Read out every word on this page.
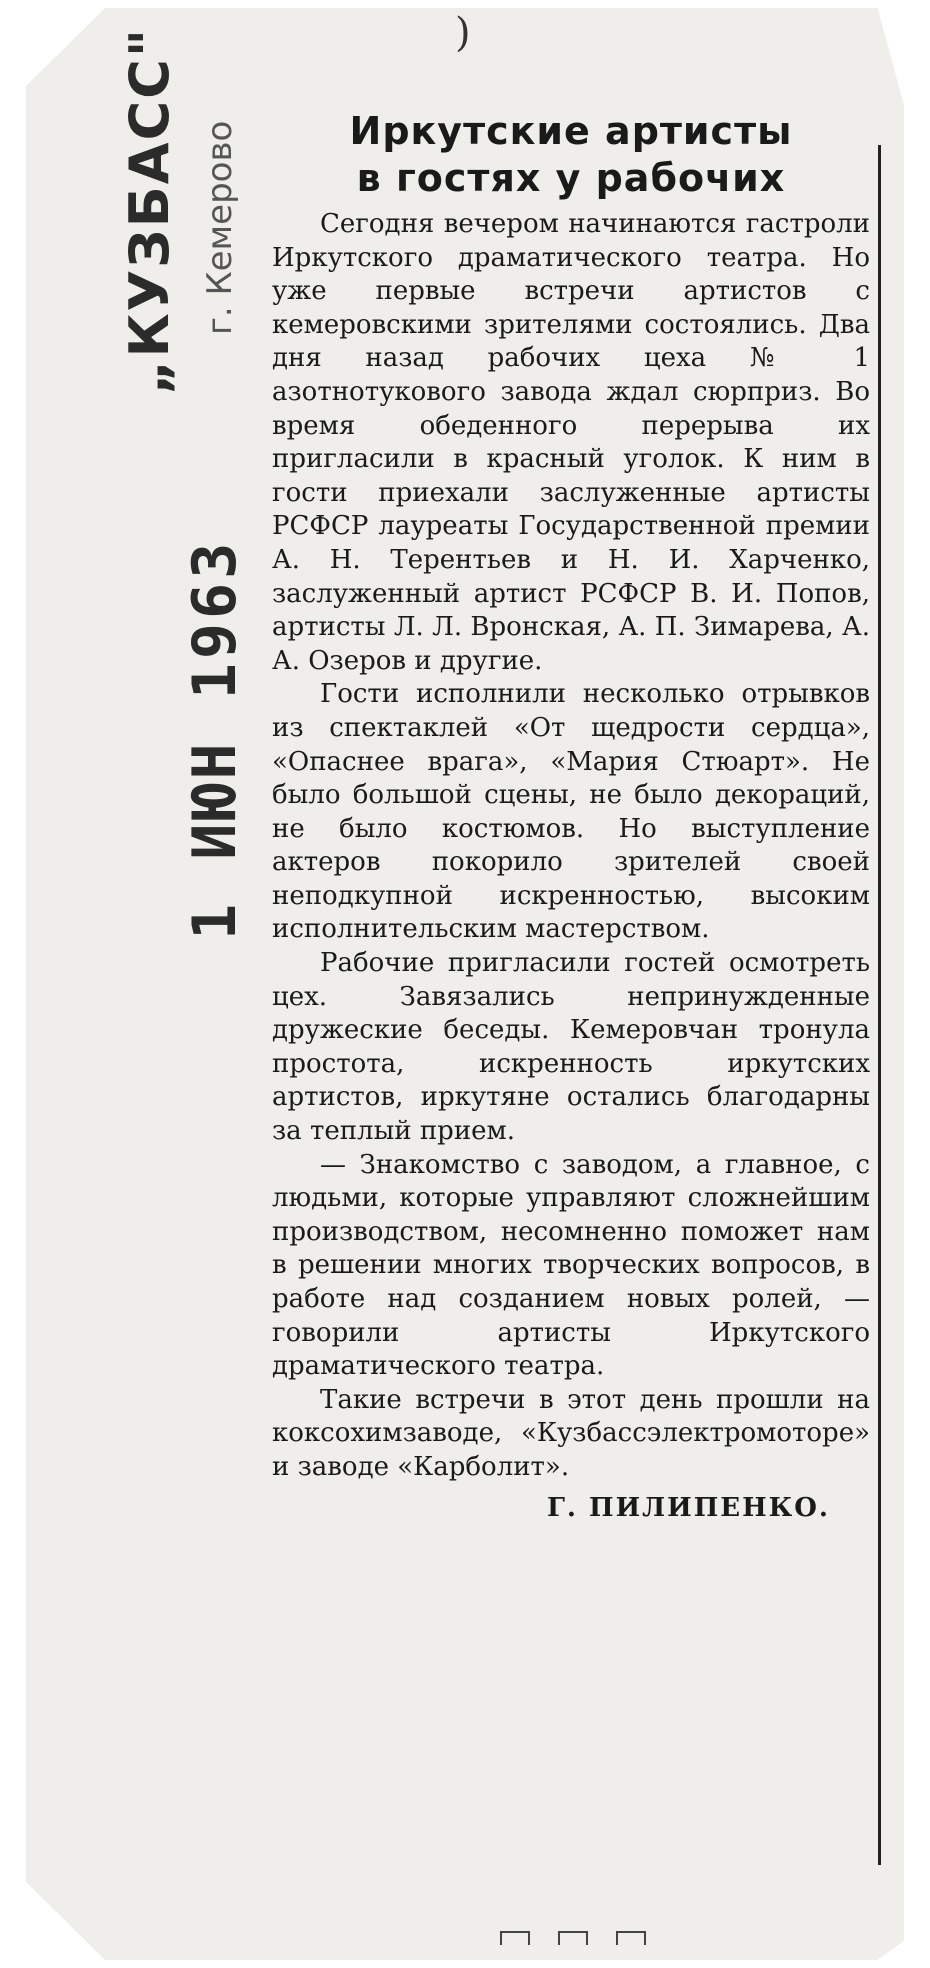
)
„КУЗБАСС" г. Кемерово
1 ИЮН 1963
Иркутские артисты
в гостях у рабочих

Сегодня вечером начинаются гастроли Иркутского драматического театра. Но уже первые встречи артистов с кемеровскими зрителями состоялись. Два дня назад рабочих цеха № 1 азотнотукового завода ждал сюрприз. Во время обеденного перерыва их пригласили в красный уголок. К ним в гости приехали заслуженные артисты РСФСР лауреаты Государственной премии А. Н. Терентьев и Н. И. Харченко, заслуженный артист РСФСР В. И. Попов, артисты Л. Л. Вронская, А. П. Зимарева, А. А. Озеров и другие.

Гости исполнили несколько отрывков из спектаклей «От щедрости сердца», «Опаснее врага», «Мария Стюарт». Не было большой сцены, не было декораций, не было костюмов. Но выступление актеров покорило зрителей своей неподкупной искренностью, высоким исполнительским мастерством.

Рабочие пригласили гостей осмотреть цех. Завязались непринужденные дружеские беседы. Кемеровчан тронула простота, искренность иркутских артистов, иркутяне остались благодарны за теплый прием.

— Знакомство с заводом, а главное, с людьми, которые управляют сложнейшим производством, несомненно поможет нам в решении многих творческих вопросов, в работе над созданием новых ролей, — говорили артисты Иркутского драматического театра.

Такие встречи в этот день прошли на коксохимзаводе, «Кузбассэлектромоторе» и заводе «Карболит».

Г. ПИЛИПЕНКО.
